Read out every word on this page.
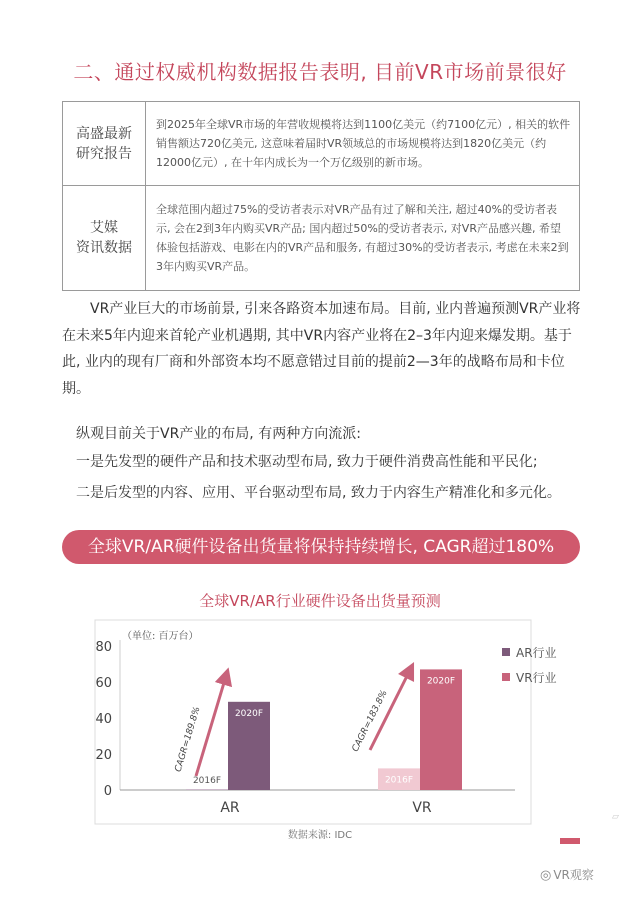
二、通过权威机构数据报告表明, 目前VR市场前景很好
高盛最新
研究报告	到2025年全球VR市场的年营收规模将达到1100亿美元（约7100亿元）, 相关的软件销售额达720亿美元, 这意味着届时VR领域总的市场规模将达到1820亿美元（约12000亿元）, 在十年内成长为一个万亿级别的新市场。

艾媒
资讯数据	全球范围内超过75%的受访者表示对VR产品有过了解和关注, 超过40%的受访者表示, 会在2到3年内购买VR产品; 国内超过50%的受访者表示, 对VR产品感兴趣, 希望体验包括游戏、电影在内的VR产品和服务, 有超过30%的受访者表示, 考虑在未来2到3年内购买VR产品。
VR产业巨大的市场前景, 引来各路资本加速布局。目前, 业内普遍预测VR产业将在未来5年内迎来首轮产业机遇期, 其中VR内容产业将在2–3年内迎来爆发期。基于此, 业内的现有厂商和外部资本均不愿意错过目前的提前2—3年的战略布局和卡位期。
纵观目前关于VR产业的布局, 有两种方向流派:
一是先发型的硬件产品和技术驱动型布局, 致力于硬件消费高性能和平民化;
二是后发型的内容、应用、平台驱动型布局, 致力于内容生产精准化和多元化。
全球VR/AR硬件设备出货量将保持持续增长, CAGR超过180%
全球VR/AR行业硬件设备出货量预测
（单位: 百万台）
0
20
40
60
80
AR	VR
2016F
2020F
2016F
2020F
CAGR=189.8%	CAGR=183.8%
AR行业
VR行业
数据来源: IDC
▱
◎ VR观察
